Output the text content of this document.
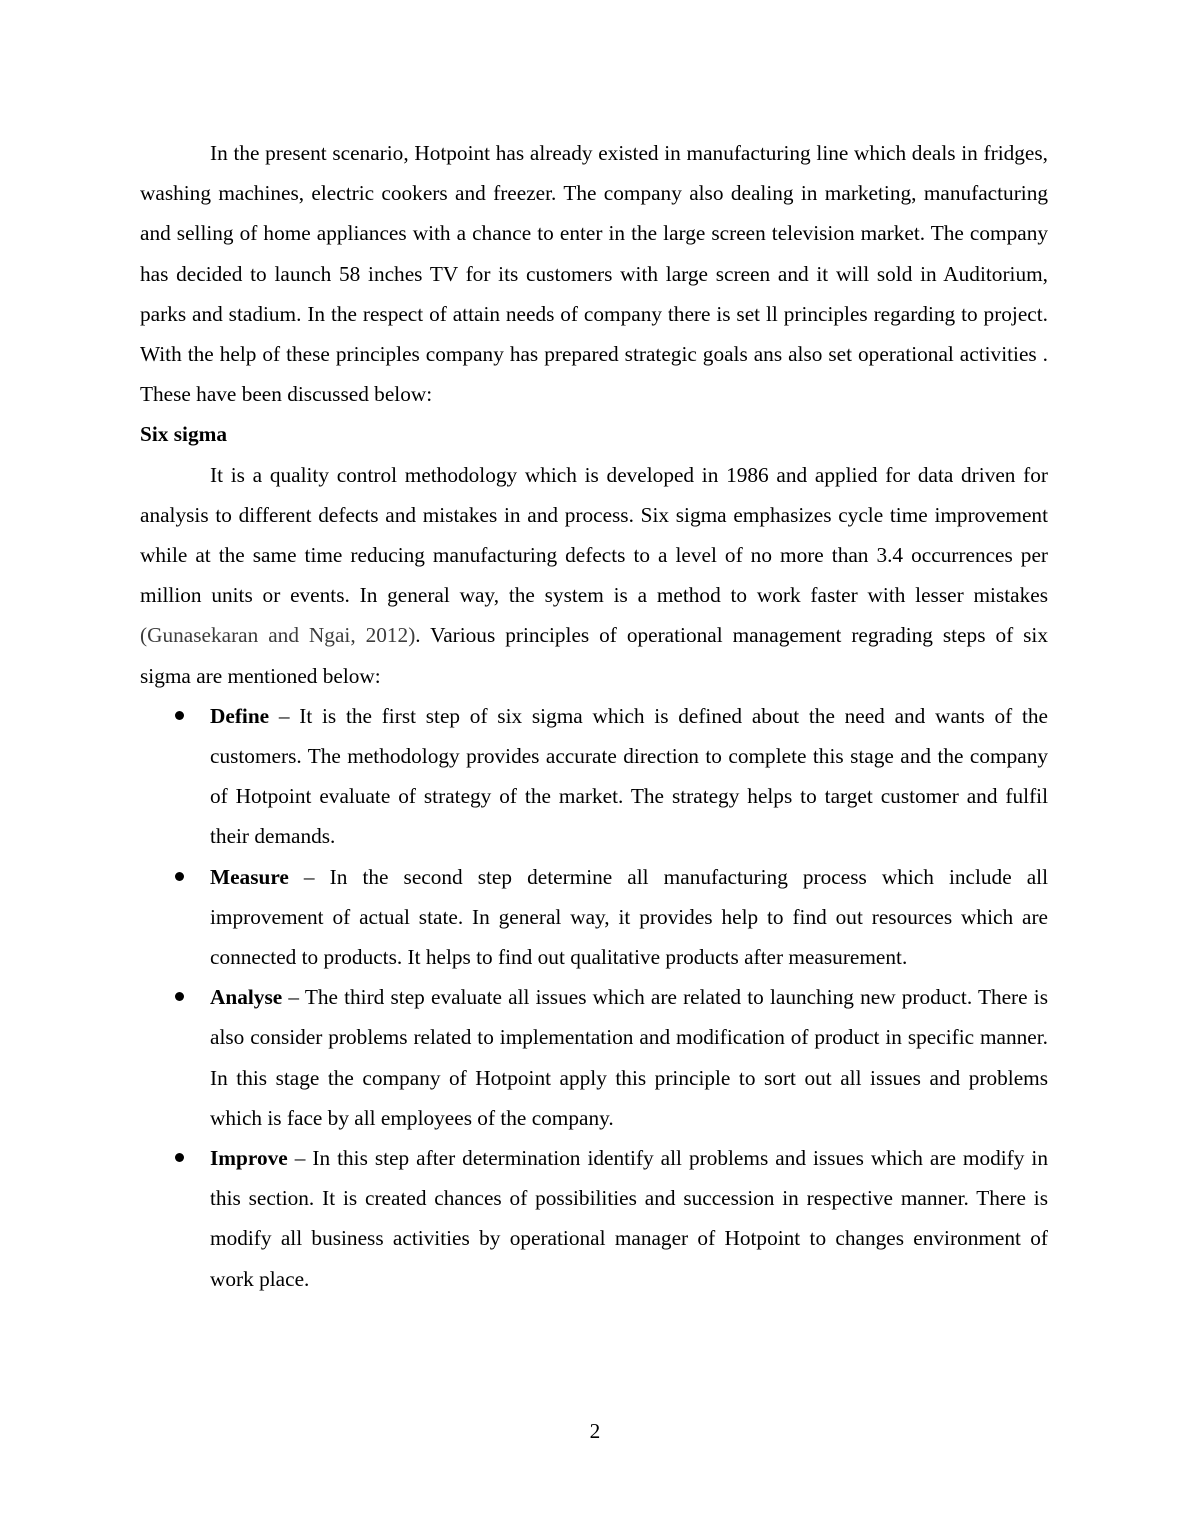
In the present scenario, Hotpoint has already existed in manufacturing line which deals in fridges, washing machines, electric cookers and freezer. The company also dealing in marketing, manufacturing and selling of home appliances with a chance to enter in the large screen television market. The company has decided to launch 58 inches TV for its customers with large screen and it will sold in Auditorium, parks and stadium. In the respect of attain needs of company there is set ll principles regarding to project. With the help of these principles company has prepared strategic goals ans also set operational activities . These have been discussed below:

Six sigma

It is a quality control methodology which is developed in 1986 and applied for data driven for analysis to different defects and mistakes in and process. Six sigma emphasizes cycle time improvement while at the same time reducing manufacturing defects to a level of no more than 3.4 occurrences per million units or events. In general way, the system is a method to work faster with lesser mistakes (Gunasekaran and Ngai, 2012). Various principles of operational management regrading steps of six sigma are mentioned below:

Define – It is the first step of six sigma which is defined about the need and wants of the customers. The methodology provides accurate direction to complete this stage and the company of Hotpoint evaluate of strategy of the market. The strategy helps to target customer and fulfil their demands.
Measure – In the second step determine all manufacturing process which include all improvement of actual state. In general way, it provides help to find out resources which are connected to products. It helps to find out qualitative products after measurement.
Analyse – The third step evaluate all issues which are related to launching new product. There is also consider problems related to implementation and modification of product in specific manner. In this stage the company of Hotpoint apply this principle to sort out all issues and problems which is face by all employees of the company.
Improve – In this step after determination identify all problems and issues which are modify in this section. It is created chances of possibilities and succession in respective manner. There is modify all business activities by operational manager of Hotpoint to changes environment of work place.
2
